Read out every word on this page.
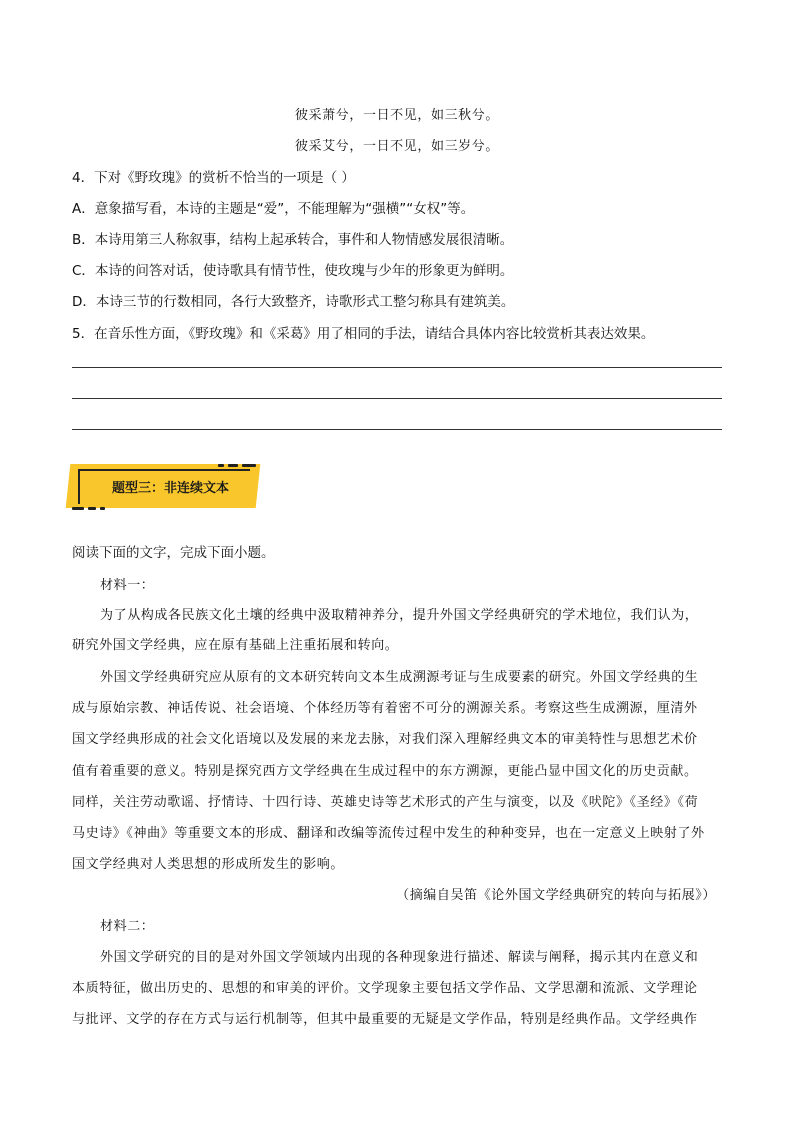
彼采萧兮，一日不见，如三秋兮。
彼采艾兮，一日不见，如三岁兮。
4．下对《野玫瑰》的赏析不恰当的一项是（ ）
A．意象描写看，本诗的主题是“爱”，不能理解为“强横”“女权”等。
B．本诗用第三人称叙事，结构上起承转合，事件和人物情感发展很清晰。
C．本诗的问答对话，使诗歌具有情节性，使玫瑰与少年的形象更为鲜明。
D．本诗三节的行数相同，各行大致整齐，诗歌形式工整匀称具有建筑美。
5．在音乐性方面，《野玫瑰》和《采葛》用了相同的手法，请结合具体内容比较赏析其表达效果。
题型三：非连续文本
阅读下面的文字，完成下面小题。
材料一：
为了从构成各民族文化土壤的经典中汲取精神养分，提升外国文学经典研究的学术地位，我们认为，
研究外国文学经典，应在原有基础上注重拓展和转向。
外国文学经典研究应从原有的文本研究转向文本生成溯源考证与生成要素的研究。外国文学经典的生
成与原始宗教、神话传说、社会语境、个体经历等有着密不可分的溯源关系。考察这些生成溯源，厘清外
国文学经典形成的社会文化语境以及发展的来龙去脉，对我们深入理解经典文本的审美特性与思想艺术价
值有着重要的意义。特别是探究西方文学经典在生成过程中的东方溯源，更能凸显中国文化的历史贡献。
同样，关注劳动歌谣、抒情诗、十四行诗、英雄史诗等艺术形式的产生与演变，以及《吠陀》《圣经》《荷
马史诗》《神曲》等重要文本的形成、翻译和改编等流传过程中发生的种种变异，也在一定意义上映射了外
国文学经典对人类思想的形成所发生的影响。
（摘编自吴笛《论外国文学经典研究的转向与拓展》）
材料二：
外国文学研究的目的是对外国文学领域内出现的各种现象进行描述、解读与阐释，揭示其内在意义和
本质特征，做出历史的、思想的和审美的评价。文学现象主要包括文学作品、文学思潮和流派、文学理论
与批评、文学的存在方式与运行机制等，但其中最重要的无疑是文学作品，特别是经典作品。文学经典作
